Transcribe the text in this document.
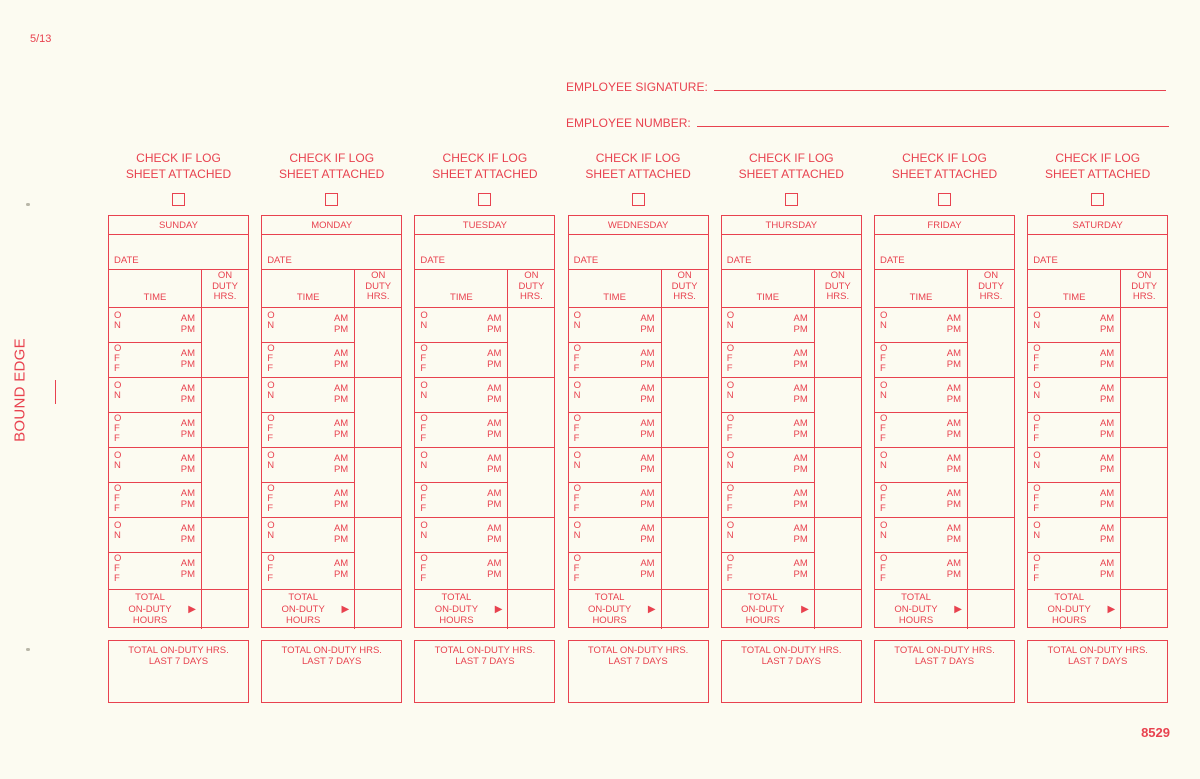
5/13
BOUND EDGE
EMPLOYEE SIGNATURE:
EMPLOYEE NUMBER:
CHECK IF LOG
SHEET ATTACHED
SUNDAY
DATE
TIME
ON
DUTY
HRS.
O
N
AM
PM
O
F
F
AM
PM
O
N
AM
PM
O
F
F
AM
PM
O
N
AM
PM
O
F
F
AM
PM
O
N
AM
PM
O
F
F
AM
PM
TOTAL
ON-DUTY
HOURS
▶
TOTAL ON-DUTY HRS.
LAST 7 DAYS
CHECK IF LOG
SHEET ATTACHED
MONDAY
DATE
TIME
ON
DUTY
HRS.
O
N
AM
PM
O
F
F
AM
PM
O
N
AM
PM
O
F
F
AM
PM
O
N
AM
PM
O
F
F
AM
PM
O
N
AM
PM
O
F
F
AM
PM
TOTAL
ON-DUTY
HOURS
▶
TOTAL ON-DUTY HRS.
LAST 7 DAYS
CHECK IF LOG
SHEET ATTACHED
TUESDAY
DATE
TIME
ON
DUTY
HRS.
O
N
AM
PM
O
F
F
AM
PM
O
N
AM
PM
O
F
F
AM
PM
O
N
AM
PM
O
F
F
AM
PM
O
N
AM
PM
O
F
F
AM
PM
TOTAL
ON-DUTY
HOURS
▶
TOTAL ON-DUTY HRS.
LAST 7 DAYS
CHECK IF LOG
SHEET ATTACHED
WEDNESDAY
DATE
TIME
ON
DUTY
HRS.
O
N
AM
PM
O
F
F
AM
PM
O
N
AM
PM
O
F
F
AM
PM
O
N
AM
PM
O
F
F
AM
PM
O
N
AM
PM
O
F
F
AM
PM
TOTAL
ON-DUTY
HOURS
▶
TOTAL ON-DUTY HRS.
LAST 7 DAYS
CHECK IF LOG
SHEET ATTACHED
THURSDAY
DATE
TIME
ON
DUTY
HRS.
O
N
AM
PM
O
F
F
AM
PM
O
N
AM
PM
O
F
F
AM
PM
O
N
AM
PM
O
F
F
AM
PM
O
N
AM
PM
O
F
F
AM
PM
TOTAL
ON-DUTY
HOURS
▶
TOTAL ON-DUTY HRS.
LAST 7 DAYS
CHECK IF LOG
SHEET ATTACHED
FRIDAY
DATE
TIME
ON
DUTY
HRS.
O
N
AM
PM
O
F
F
AM
PM
O
N
AM
PM
O
F
F
AM
PM
O
N
AM
PM
O
F
F
AM
PM
O
N
AM
PM
O
F
F
AM
PM
TOTAL
ON-DUTY
HOURS
▶
TOTAL ON-DUTY HRS.
LAST 7 DAYS
CHECK IF LOG
SHEET ATTACHED
SATURDAY
DATE
TIME
ON
DUTY
HRS.
O
N
AM
PM
O
F
F
AM
PM
O
N
AM
PM
O
F
F
AM
PM
O
N
AM
PM
O
F
F
AM
PM
O
N
AM
PM
O
F
F
AM
PM
TOTAL
ON-DUTY
HOURS
▶
TOTAL ON-DUTY HRS.
LAST 7 DAYS
8529
